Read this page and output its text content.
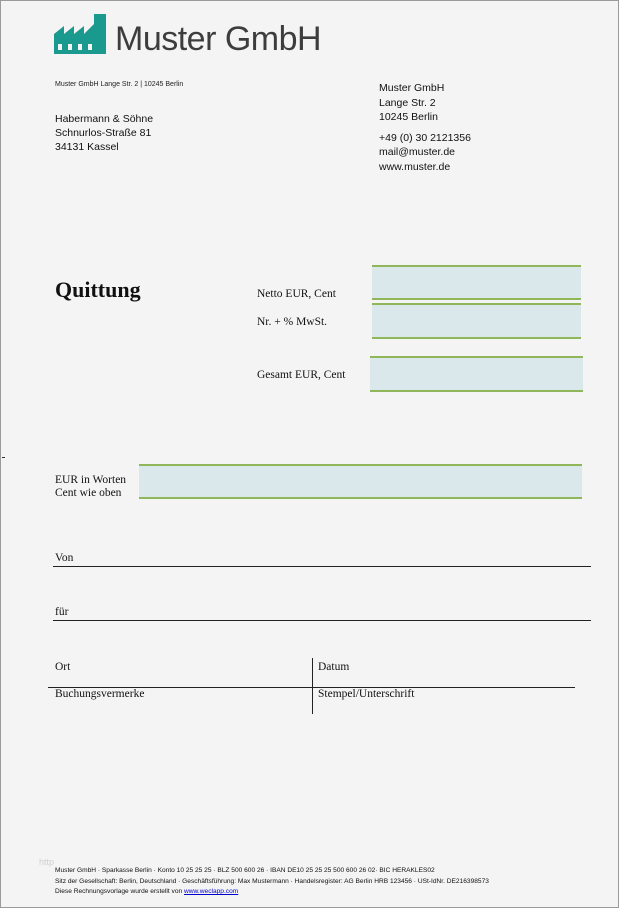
Muster GmbH
Muster GmbH Lange Str. 2 | 10245 Berlin
Habermann & Söhne
Schnurlos-Straße 81
34131 Kassel
Muster GmbH
Lange Str. 2
10245 Berlin
+49 (0) 30 2121356
mail@muster.de
www.muster.de
Quittung	Netto EUR, Cent
Nr. + % MwSt.
Gesamt EUR, Cent
EUR in Worten
Cent wie oben
Von
für
Ort	Datum
Buchungsvermerke	Stempel/Unterschrift
http
Muster GmbH · Sparkasse Berlin · Konto 10 25 25 25 · BLZ 500 600 26 · IBAN DE10 25 25 25 500 600 26 02· BIC HERAKLES02
Sitz der Gesellschaft: Berlin, Deutschland · Geschäftsführung: Max Mustermann · Handelsregister: AG Berlin HRB 123456 · USt-IdNr. DE216398573
Diese Rechnungsvorlage wurde erstellt von www.weclapp.com
